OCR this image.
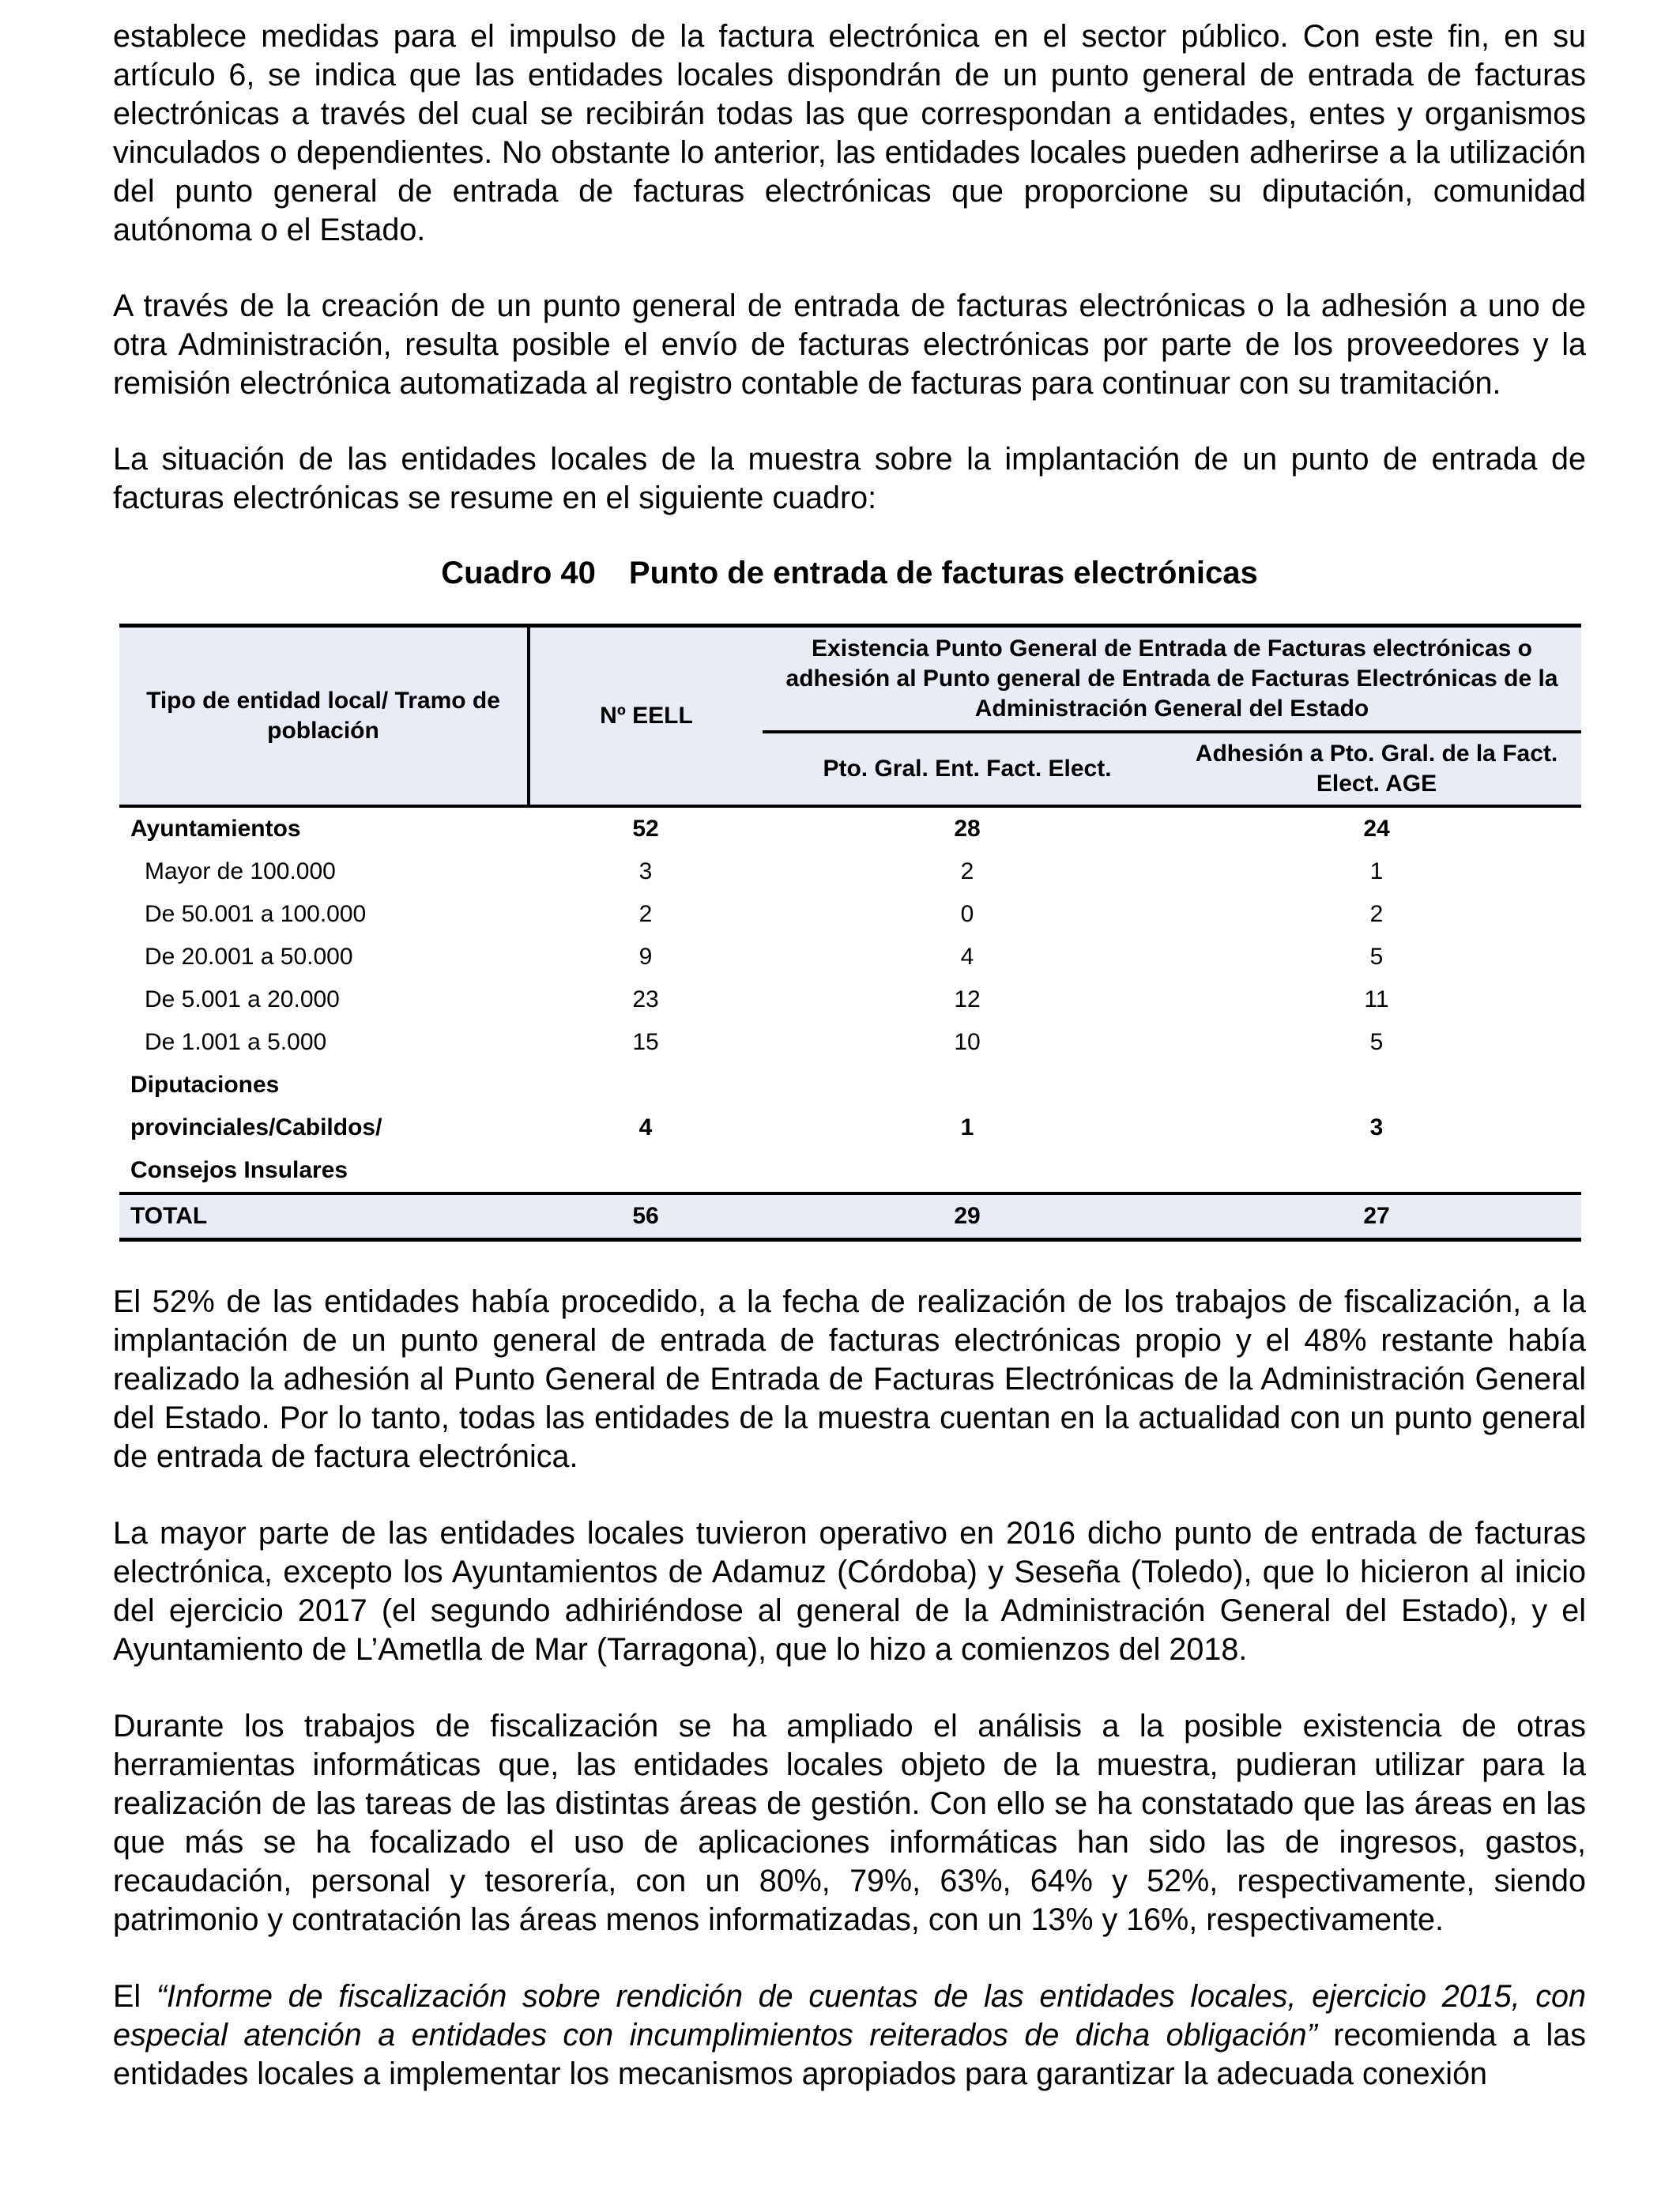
establece medidas para el impulso de la factura electrónica en el sector público. Con este fin, en su artículo 6, se indica que las entidades locales dispondrán de un punto general de entrada de facturas electrónicas a través del cual se recibirán todas las que correspondan a entidades, entes y organismos vinculados o dependientes. No obstante lo anterior, las entidades locales pueden adherirse a la utilización del punto general de entrada de facturas electrónicas que proporcione su diputación, comunidad autónoma o el Estado.

A través de la creación de un punto general de entrada de facturas electrónicas o la adhesión a uno de otra Administración, resulta posible el envío de facturas electrónicas por parte de los proveedores y la remisión electrónica automatizada al registro contable de facturas para continuar con su tramitación.

La situación de las entidades locales de la muestra sobre la implantación de un punto de entrada de facturas electrónicas se resume en el siguiente cuadro:

Cuadro 40 Punto de entrada de facturas electrónicas
Tipo de entidad local/ Tramo de población	Nº EELL	Existencia Punto General de Entrada de Facturas electrónicas o adhesión al Punto general de Entrada de Facturas Electrónicas de la Administración General del Estado	
		Pto. Gral. Ent. Fact. Elect.	Adhesión a Pto. Gral. de la Fact. Elect. AGE
Ayuntamientos	52	28	24
Mayor de 100.000	3	2	1
De 50.001 a 100.000	2	0	2
De 20.001 a 50.000	9	4	5
De 5.001 a 20.000	23	12	11
De 1.001 a 5.000	15	10	5
Diputaciones provinciales/Cabildos/ Consejos Insulares	4	1	3
TOTAL	56	29	27

El 52% de las entidades había procedido, a la fecha de realización de los trabajos de fiscalización, a la implantación de un punto general de entrada de facturas electrónicas propio y el 48% restante había realizado la adhesión al Punto General de Entrada de Facturas Electrónicas de la Administración General del Estado. Por lo tanto, todas las entidades de la muestra cuentan en la actualidad con un punto general de entrada de factura electrónica.

La mayor parte de las entidades locales tuvieron operativo en 2016 dicho punto de entrada de facturas electrónica, excepto los Ayuntamientos de Adamuz (Córdoba) y Seseña (Toledo), que lo hicieron al inicio del ejercicio 2017 (el segundo adhiriéndose al general de la Administración General del Estado), y el Ayuntamiento de L’Ametlla de Mar (Tarragona), que lo hizo a comienzos del 2018.

Durante los trabajos de fiscalización se ha ampliado el análisis a la posible existencia de otras herramientas informáticas que, las entidades locales objeto de la muestra, pudieran utilizar para la realización de las tareas de las distintas áreas de gestión. Con ello se ha constatado que las áreas en las que más se ha focalizado el uso de aplicaciones informáticas han sido las de ingresos, gastos, recaudación, personal y tesorería, con un 80%, 79%, 63%, 64% y 52%, respectivamente, siendo patrimonio y contratación las áreas menos informatizadas, con un 13% y 16%, respectivamente.

El “Informe de fiscalización sobre rendición de cuentas de las entidades locales, ejercicio 2015, con especial atención a entidades con incumplimientos reiterados de dicha obligación” recomienda a las entidades locales a implementar los mecanismos apropiados para garantizar la adecuada conexión
